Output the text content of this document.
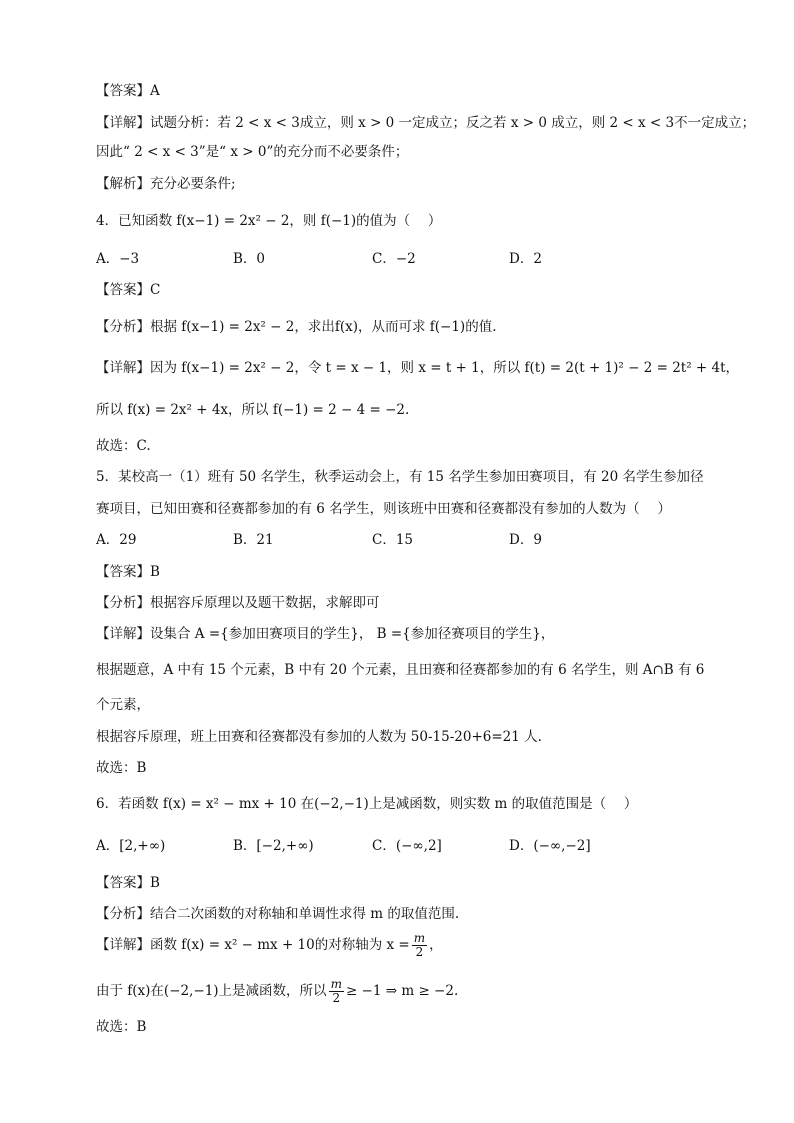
【答案】A
【详解】试题分析：若 2 < x < 3成立，则 x > 0 一定成立；反之若 x > 0 成立，则 2 < x < 3不一定成立；
因此“ 2 < x < 3”是“ x > 0”的充分而不必要条件；
【解析】充分必要条件;
4．已知函数 f(x−1) = 2x² − 2，则 f(−1)的值为（　 ）
A．−3	B．0	C．−2	D．2
【答案】C
【分析】根据 f(x−1) = 2x² − 2，求出f(x)，从而可求 f(−1)的值.
【详解】因为 f(x−1) = 2x² − 2，令 t = x − 1，则 x = t + 1，所以 f(t) = 2(t + 1)² − 2 = 2t² + 4t，
所以 f(x) = 2x² + 4x，所以 f(−1) = 2 − 4 = −2.
故选：C.
5．某校高一（1）班有 50 名学生，秋季运动会上，有 15 名学生参加田赛项目，有 20 名学生参加径
赛项目，已知田赛和径赛都参加的有 6 名学生，则该班中田赛和径赛都没有参加的人数为（　 ）
A．29	B．21	C．15	D．9
【答案】B
【分析】根据容斥原理以及题干数据，求解即可
【详解】设集合 A ={参加田赛项目的学生}， B ={参加径赛项目的学生}，
根据题意，A 中有 15 个元素，B 中有 20 个元素，且田赛和径赛都参加的有 6 名学生，则 A∩B 有 6
个元素，
根据容斥原理，班上田赛和径赛都没有参加的人数为 50-15-20+6=21 人.
故选：B
6．若函数 f(x) = x² − mx + 10 在(−2,−1)上是减函数，则实数 m 的取值范围是（　 ）
A．[2,+∞)	B．[−2,+∞)	C．(−∞,2]	D．(−∞,−2]
【答案】B
【分析】结合二次函数的对称轴和单调性求得 m 的取值范围.
【详解】函数 f(x) = x² − mx + 10的对称轴为 $x = \frac{m}{2}$ ，
由于 f(x)在(−2,−1)上是减函数，所以 $\frac{m}{2} \ge -1$ ⇒ m ≥ −2.
故选：B
